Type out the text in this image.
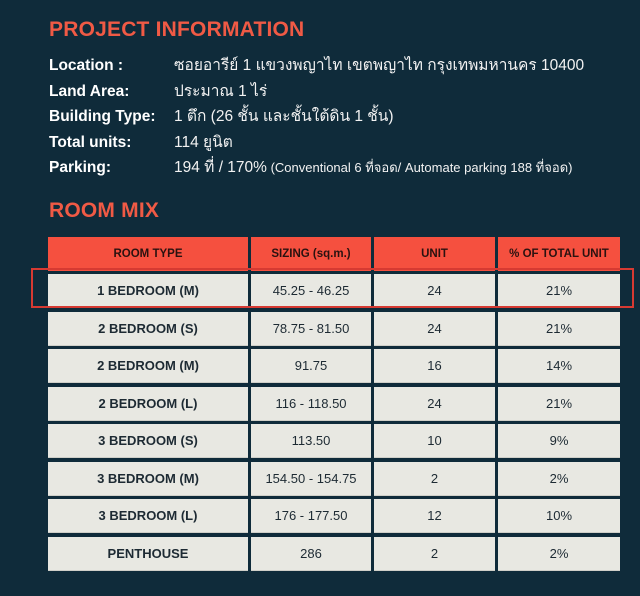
PROJECT INFORMATION
Location :	ซอยอารีย์ 1 แขวงพญาไท เขตพญาไท กรุงเทพมหานคร 10400
Land Area:	ประมาณ 1 ไร่
Building Type:	1 ตึก (26 ชั้น และชั้นใต้ดิน 1 ชั้น)
Total units:	114 ยูนิต
Parking:	194 ที่ / 170% (Conventional 6 ที่จอด/ Automate parking 188 ที่จอด)
ROOM MIX
ROOM TYPE	SIZING (sq.m.)	UNIT	% OF TOTAL UNIT
1 BEDROOM (M)	45.25 - 46.25	24	21%
2 BEDROOM (S)	78.75 - 81.50	24	21%
2 BEDROOM (M)	91.75	16	14%
2 BEDROOM (L)	116 - 118.50	24	21%
3 BEDROOM (S)	113.50	10	9%
3 BEDROOM (M)	154.50 - 154.75	2	2%
3 BEDROOM (L)	176 - 177.50	12	10%
PENTHOUSE	286	2	2%
